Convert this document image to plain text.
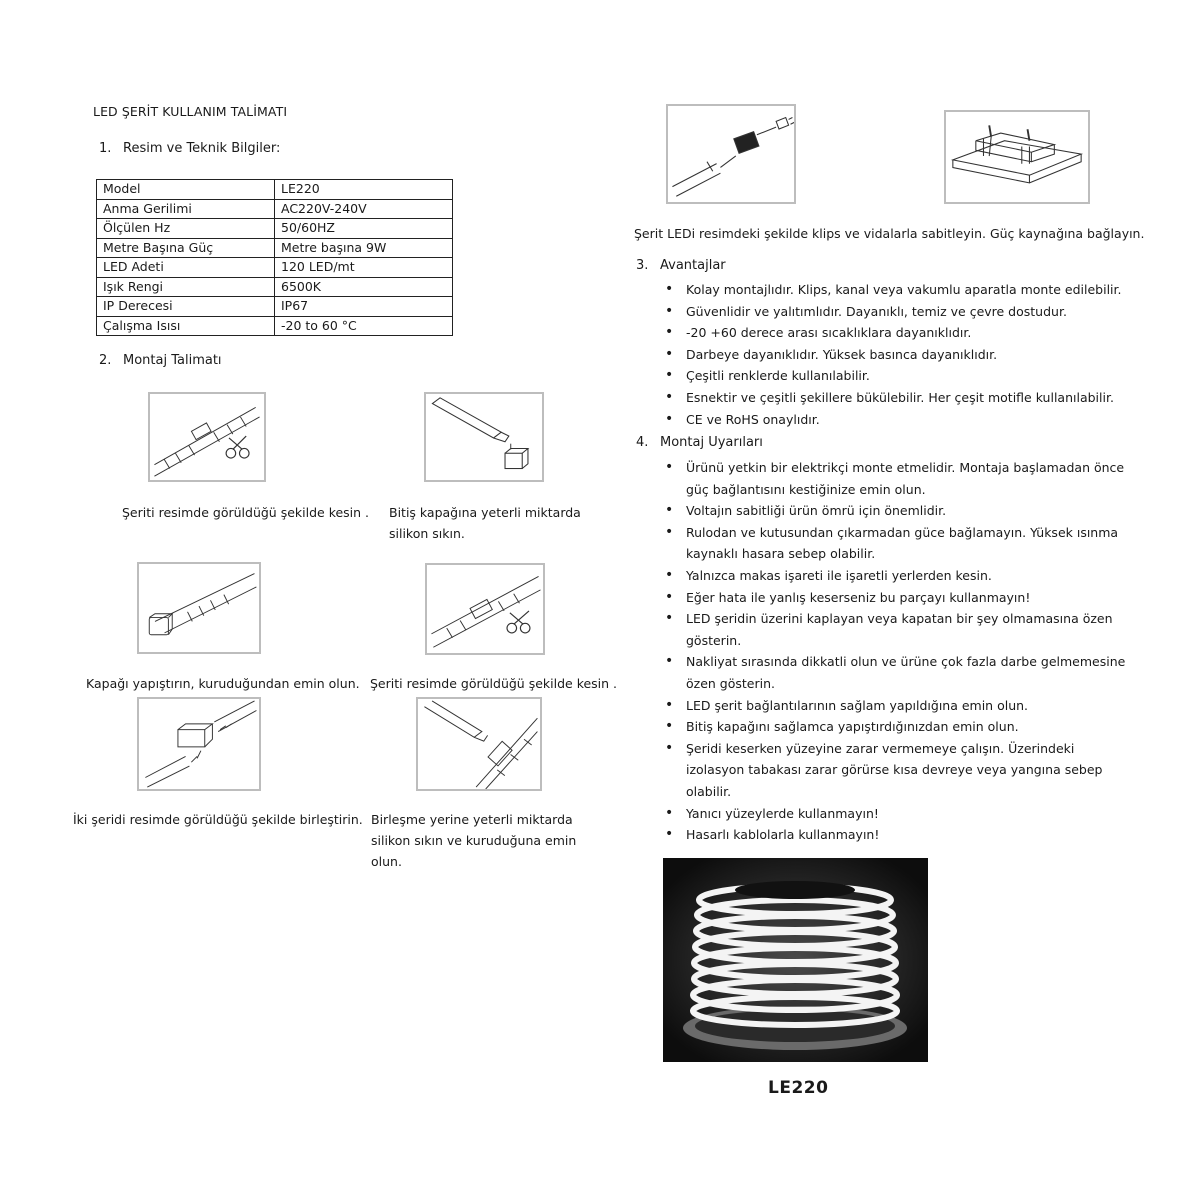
LED ŞERİT KULLANIM TALİMATI
1. Resim ve Teknik Bilgiler:
Model	LE220
Anma Gerilimi	AC220V-240V
Ölçülen Hz	50/60HZ
Metre Başına Güç	Metre başına 9W
LED Adeti	120 LED/mt
Işık Rengi	6500K
IP Derecesi	IP67
Çalışma Isısı	-20 to 60 °C
2. Montaj Talimatı
Şeriti resimde görüldüğü şekilde kesin . Bitiş kapağına yeterli miktarda
silikon sıkın.
Kapağı yapıştırın, kuruduğundan emin olun. Şeriti resimde görüldüğü şekilde kesin .
İki şeridi resimde görüldüğü şekilde birleştirin. Birleşme yerine yeterli miktarda
silikon sıkın ve kuruduğuna emin
olun.
Şerit LEDi resimdeki şekilde klips ve vidalarla sabitleyin. Güç kaynağına bağlayın.
3. Avantajlar
• Kolay montajlıdır. Klips, kanal veya vakumlu aparatla monte edilebilir.
• Güvenlidir ve yalıtımlıdır. Dayanıklı, temiz ve çevre dostudur.
• -20 +60 derece arası sıcaklıklara dayanıklıdır.
• Darbeye dayanıklıdır. Yüksek basınca dayanıklıdır.
• Çeşitli renklerde kullanılabilir.
• Esnektir ve çeşitli şekillere bükülebilir. Her çeşit motifle kullanılabilir.
• CE ve RoHS onaylıdır.
4. Montaj Uyarıları
• Ürünü yetkin bir elektrikçi monte etmelidir. Montaja başlamadan önce güç bağlantısını kestiğinize emin olun.
• Voltajın sabitliği ürün ömrü için önemlidir.
• Rulodan ve kutusundan çıkarmadan güce bağlamayın. Yüksek ısınma kaynaklı hasara sebep olabilir.
• Yalnızca makas işareti ile işaretli yerlerden kesin.
• Eğer hata ile yanlış keserseniz bu parçayı kullanmayın!
• LED şeridin üzerini kaplayan veya kapatan bir şey olmamasına özen gösterin.
• Nakliyat sırasında dikkatli olun ve ürüne çok fazla darbe gelmemesine özen gösterin.
• LED şerit bağlantılarının sağlam yapıldığına emin olun.
• Bitiş kapağını sağlamca yapıştırdığınızdan emin olun.
• Şeridi keserken yüzeyine zarar vermemeye çalışın. Üzerindeki izolasyon tabakası zarar görürse kısa devreye veya yangına sebep olabilir.
• Yanıcı yüzeylerde kullanmayın!
• Hasarlı kablolarla kullanmayın!
LE220
